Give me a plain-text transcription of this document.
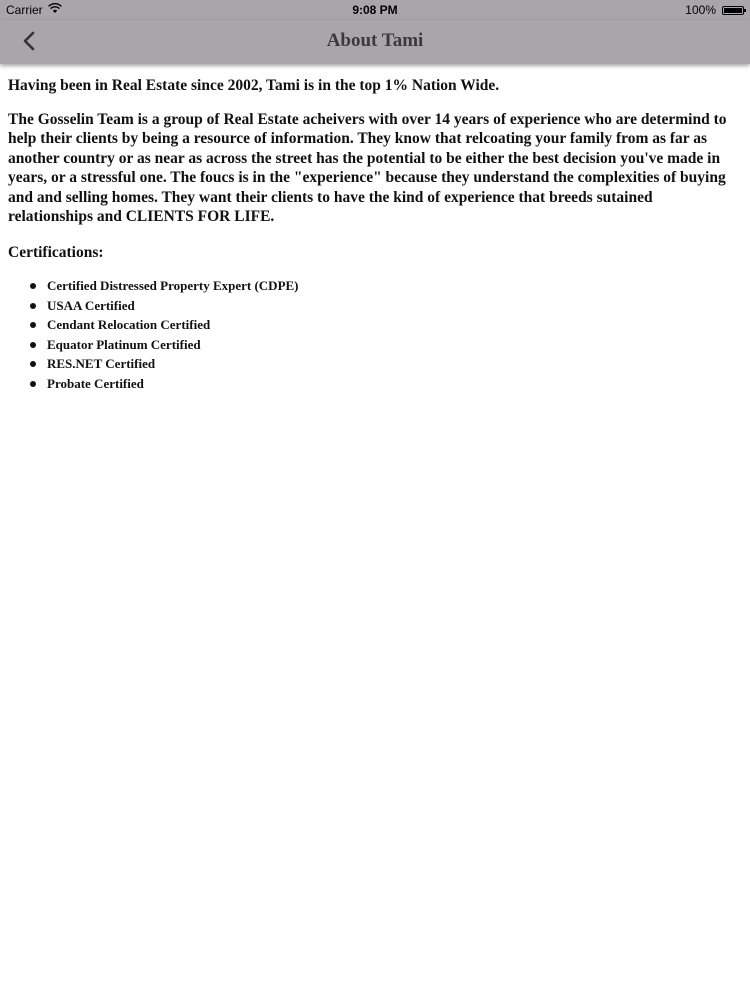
Carrier	9:08 PM	100%
About Tami

Having been in Real Estate since 2002, Tami is in the top 1% Nation Wide.

The Gosselin Team is a group of Real Estate acheivers with over 14 years of experience who are determind to help their clients by being a resource of information. They know that relcoating your family from as far as another country or as near as across the street has the potential to be either the best decision you've made in years, or a stressful one. The foucs is in the "experience" because they understand the complexities of buying and and selling homes. They want their clients to have the kind of experience that breeds sutained relationships and CLIENTS FOR LIFE.

Certifications:

Certified Distressed Property Expert (CDPE)
USAA Certified
Cendant Relocation Certified
Equator Platinum Certified
RES.NET Certified
Probate Certified
